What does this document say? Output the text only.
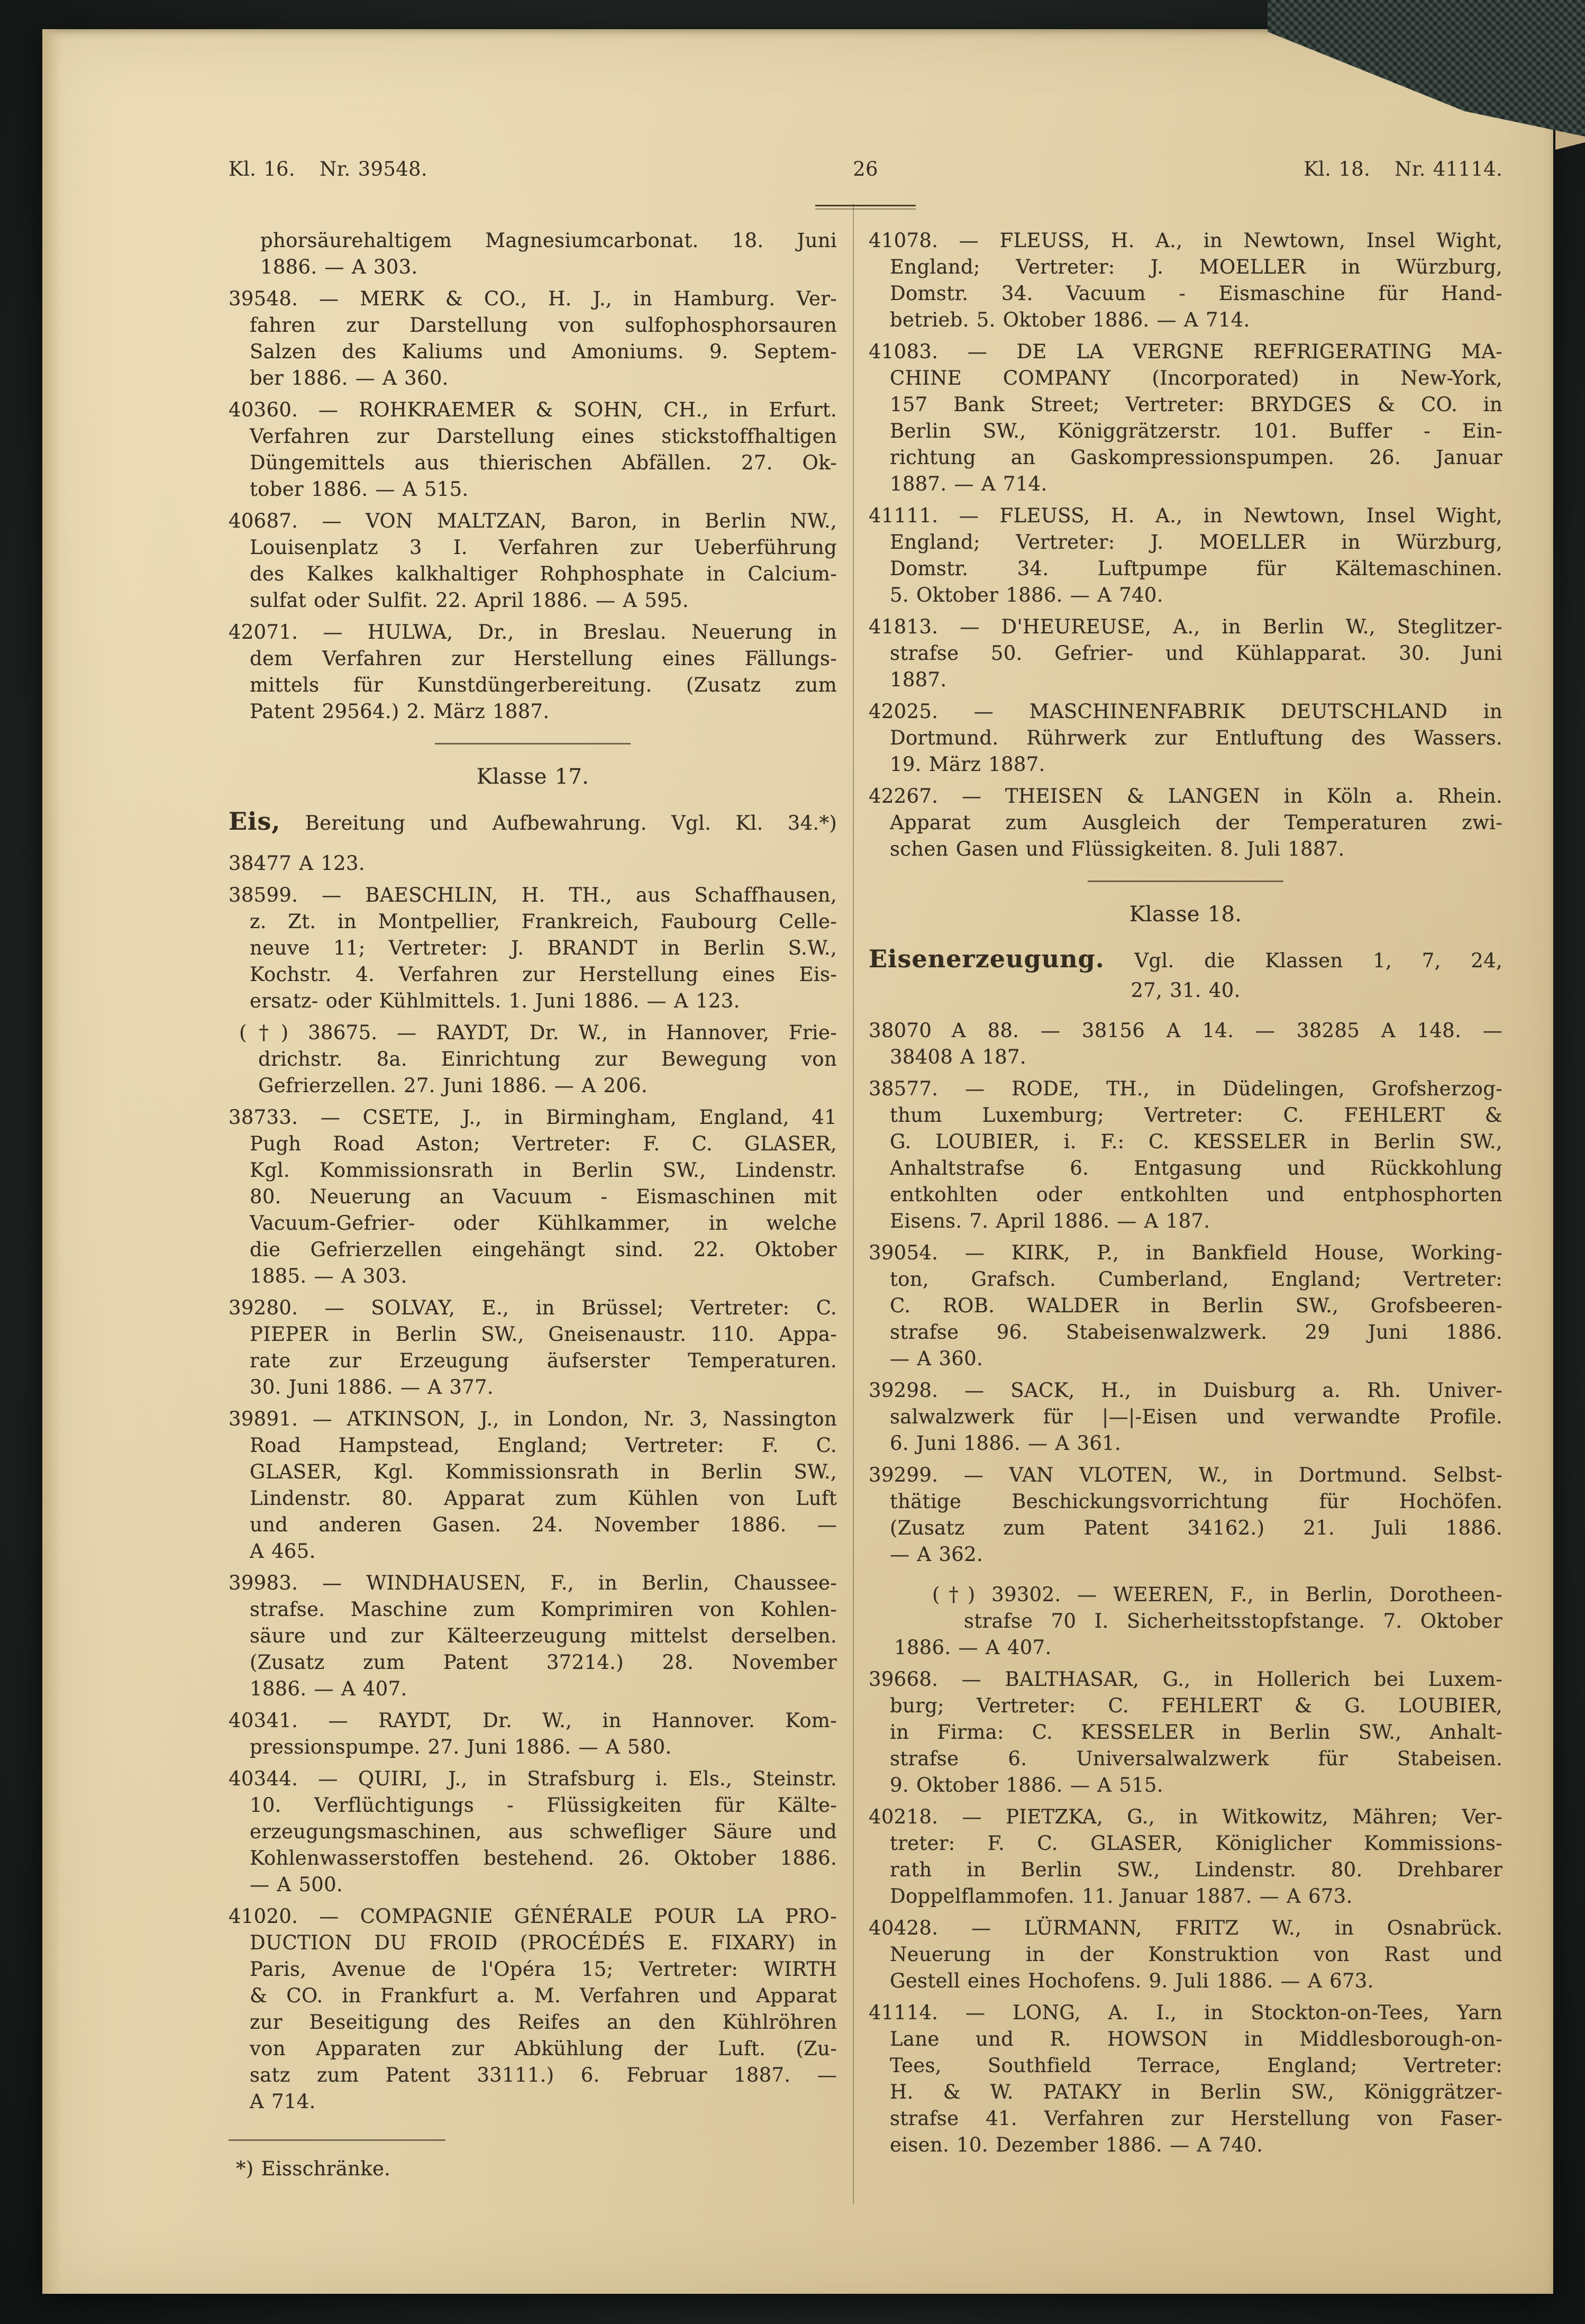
Kl. 16. Nr. 39548.	26	Kl. 18. Nr. 41114.
phorsäurehaltigem Magnesiumcarbonat. 18. Juni
1886. — A 303.
39548. — MERK & CO., H. J., in Hamburg. Ver-
fahren zur Darstellung von sulfophosphorsauren
Salzen des Kaliums und Amoniums. 9. Septem-
ber 1886. — A 360.
40360. — ROHKRAEMER & SOHN, CH., in Erfurt.
Verfahren zur Darstellung eines stickstoffhaltigen
Düngemittels aus thierischen Abfällen. 27. Ok-
tober 1886. — A 515.
40687. — VON MALTZAN, Baron, in Berlin NW.,
Louisenplatz 3 I. Verfahren zur Ueberführung
des Kalkes kalkhaltiger Rohphosphate in Calcium-
sulfat oder Sulfit. 22. April 1886. — A 595.
42071. — HULWA, Dr., in Breslau. Neuerung in
dem Verfahren zur Herstellung eines Fällungs-
mittels für Kunstdüngerbereitung. (Zusatz zum
Patent 29564.) 2. März 1887.
Klasse 17.
Eis, Bereitung und Aufbewahrung. Vgl. Kl. 34.*)
38477 A 123.
38599. — BAESCHLIN, H. TH., aus Schaffhausen,
z. Zt. in Montpellier, Frankreich, Faubourg Celle-
neuve 11; Vertreter: J. BRANDT in Berlin S.W.,
Kochstr. 4. Verfahren zur Herstellung eines Eis-
ersatz- oder Kühlmittels. 1. Juni 1886. — A 123.
(†) 38675. — RAYDT, Dr. W., in Hannover, Frie-
drichstr. 8a. Einrichtung zur Bewegung von
Gefrierzellen. 27. Juni 1886. — A 206.
38733. — CSETE, J., in Birmingham, England, 41
Pugh Road Aston; Vertreter: F. C. GLASER,
Kgl. Kommissionsrath in Berlin SW., Lindenstr.
80. Neuerung an Vacuum - Eismaschinen mit
Vacuum-Gefrier- oder Kühlkammer, in welche
die Gefrierzellen eingehängt sind. 22. Oktober
1885. — A 303.
39280. — SOLVAY, E., in Brüssel; Vertreter: C.
PIEPER in Berlin SW., Gneisenaustr. 110. Appa-
rate zur Erzeugung äufserster Temperaturen.
30. Juni 1886. — A 377.
39891. — ATKINSON, J., in London, Nr. 3, Nassington
Road Hampstead, England; Vertreter: F. C.
GLASER, Kgl. Kommissionsrath in Berlin SW.,
Lindenstr. 80. Apparat zum Kühlen von Luft
und anderen Gasen. 24. November 1886. —
A 465.
39983. — WINDHAUSEN, F., in Berlin, Chaussee-
strafse. Maschine zum Komprimiren von Kohlen-
säure und zur Kälteerzeugung mittelst derselben.
(Zusatz zum Patent 37214.) 28. November
1886. — A 407.
40341. — RAYDT, Dr. W., in Hannover. Kom-
pressionspumpe. 27. Juni 1886. — A 580.
40344. — QUIRI, J., in Strafsburg i. Els., Steinstr.
10. Verflüchtigungs - Flüssigkeiten für Kälte-
erzeugungsmaschinen, aus schwefliger Säure und
Kohlenwasserstoffen bestehend. 26. Oktober 1886.
— A 500.
41020. — COMPAGNIE GÉNÉRALE POUR LA PRO-
DUCTION DU FROID (PROCÉDÉS E. FIXARY) in
Paris, Avenue de l'Opéra 15; Vertreter: WIRTH
& CO. in Frankfurt a. M. Verfahren und Apparat
zur Beseitigung des Reifes an den Kühlröhren
von Apparaten zur Abkühlung der Luft. (Zu-
satz zum Patent 33111.) 6. Februar 1887. —
A 714.
*) Eisschränke.
41078. — FLEUSS, H. A., in Newtown, Insel Wight,
England; Vertreter: J. MOELLER in Würzburg,
Domstr. 34. Vacuum - Eismaschine für Hand-
betrieb. 5. Oktober 1886. — A 714.
41083. — DE LA VERGNE REFRIGERATING MA-
CHINE COMPANY (Incorporated) in New-York,
157 Bank Street; Vertreter: BRYDGES & CO. in
Berlin SW., Königgrätzerstr. 101. Buffer - Ein-
richtung an Gaskompressionspumpen. 26. Januar
1887. — A 714.
41111. — FLEUSS, H. A., in Newtown, Insel Wight,
England; Vertreter: J. MOELLER in Würzburg,
Domstr. 34. Luftpumpe für Kältemaschinen.
5. Oktober 1886. — A 740.
41813. — D'HEUREUSE, A., in Berlin W., Steglitzer-
strafse 50. Gefrier- und Kühlapparat. 30. Juni
1887.
42025. — MASCHINENFABRIK DEUTSCHLAND in
Dortmund. Rührwerk zur Entluftung des Wassers.
19. März 1887.
42267. — THEISEN & LANGEN in Köln a. Rhein.
Apparat zum Ausgleich der Temperaturen zwi-
schen Gasen und Flüssigkeiten. 8. Juli 1887.
Klasse 18.
Eisenerzeugung. Vgl. die Klassen 1, 7, 24,
27, 31. 40.
38070  A 88. — 38156 A 14. — 38285 A 148. —
38408 A 187.
38577. — RODE, TH., in Düdelingen, Grofsherzog-
thum Luxemburg; Vertreter: C. FEHLERT &
G. LOUBIER, i. F.: C. KESSELER in Berlin SW.,
Anhaltstrafse 6. Entgasung und Rückkohlung
entkohlten oder entkohlten und entphosphorten
Eisens. 7. April 1886. — A 187.
39054. — KIRK, P., in Bankfield House, Working-
ton, Grafsch. Cumberland, England; Vertreter:
C. ROB. WALDER in Berlin SW., Grofsbeeren-
strafse 96. Stabeisenwalzwerk. 29 Juni 1886.
— A 360.
39298. — SACK, H., in Duisburg a. Rh. Univer-
salwalzwerk für |—|-Eisen und verwandte Profile.
6. Juni 1886. — A 361.
39299. — VAN VLOTEN, W., in Dortmund. Selbst-
thätige Beschickungsvorrichtung für Hochöfen.
(Zusatz zum Patent 34162.) 21. Juli 1886.
— A 362.
(†) 39302. — WEEREN, F., in Berlin, Dorotheen-
strafse 70 I. Sicherheitsstopfstange. 7. Oktober
1886. — A 407.
39668. — BALTHASAR, G., in Hollerich bei Luxem-
burg; Vertreter: C. FEHLERT & G. LOUBIER,
in Firma: C. KESSELER in Berlin SW., Anhalt-
strafse 6. Universalwalzwerk für Stabeisen.
9. Oktober 1886. — A 515.
40218. — PIETZKA, G., in Witkowitz, Mähren; Ver-
treter: F. C. GLASER, Königlicher Kommissions-
rath in Berlin SW., Lindenstr. 80. Drehbarer
Doppelflammofen. 11. Januar 1887. — A 673.
40428. — LÜRMANN, FRITZ W., in Osnabrück.
Neuerung in der Konstruktion von Rast und
Gestell eines Hochofens. 9. Juli 1886. — A 673.
41114. — LONG, A. I., in Stockton-on-Tees, Yarn
Lane und R. HOWSON in Middlesborough-on-
Tees, Southfield Terrace, England; Vertreter:
H. & W. PATAKY in Berlin SW., Königgrätzer-
strafse 41. Verfahren zur Herstellung von Faser-
eisen. 10. Dezember 1886. — A 740.
